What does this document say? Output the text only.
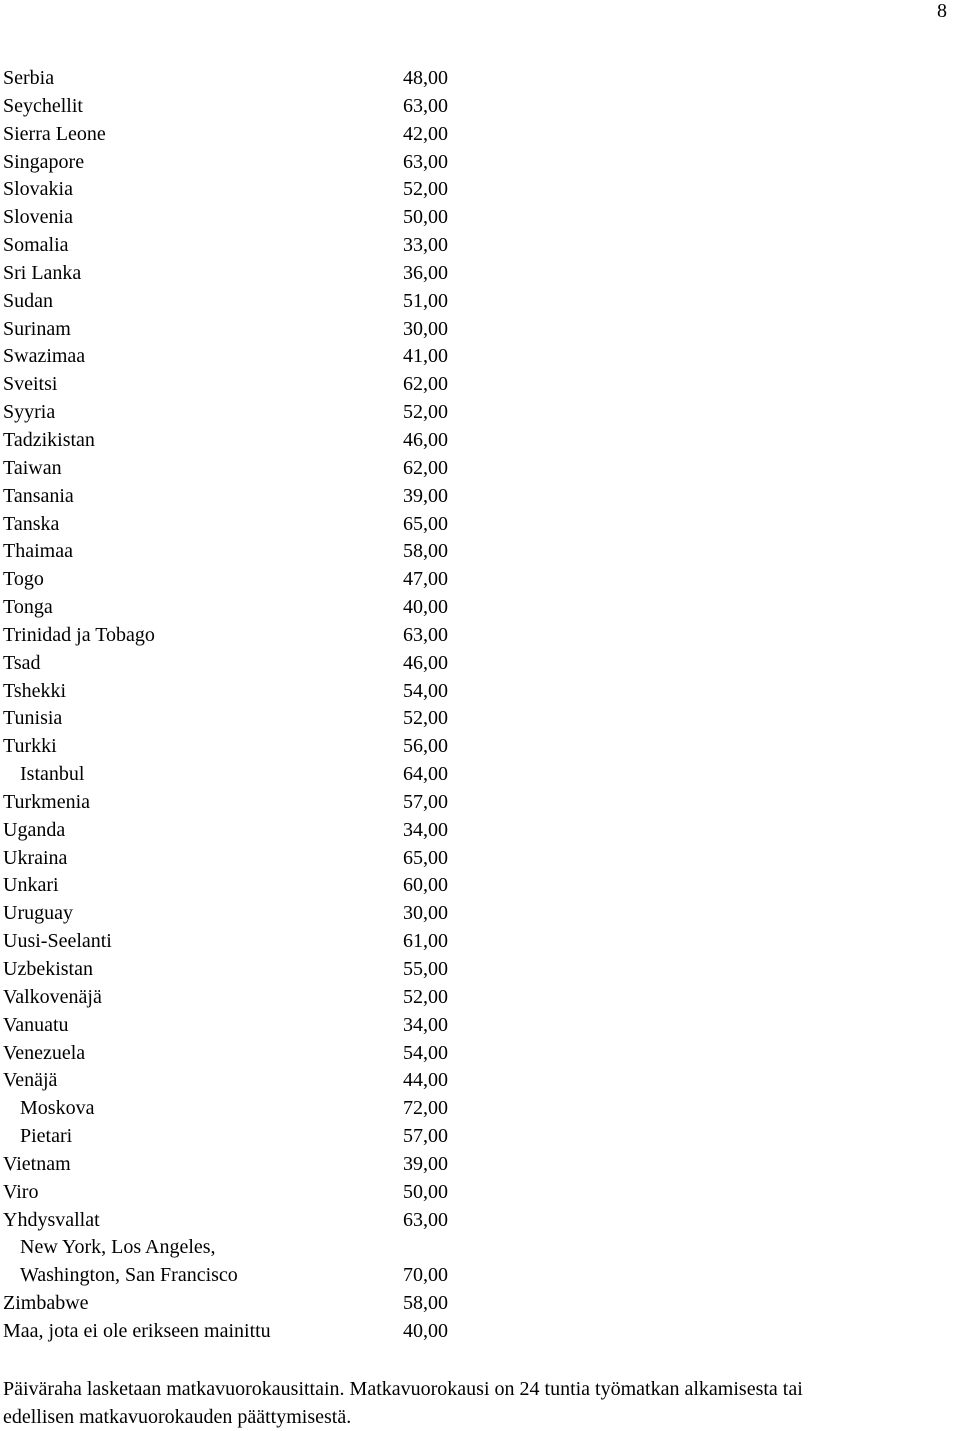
8
Serbia	48,00
Seychellit	63,00
Sierra Leone	42,00
Singapore	63,00
Slovakia	52,00
Slovenia	50,00
Somalia	33,00
Sri Lanka	36,00
Sudan	51,00
Surinam	30,00
Swazimaa	41,00
Sveitsi	62,00
Syyria	52,00
Tadzikistan	46,00
Taiwan	62,00
Tansania	39,00
Tanska	65,00
Thaimaa	58,00
Togo	47,00
Tonga	40,00
Trinidad ja Tobago	63,00
Tsad	46,00
Tshekki	54,00
Tunisia	52,00
Turkki	56,00
Istanbul	64,00
Turkmenia	57,00
Uganda	34,00
Ukraina	65,00
Unkari	60,00
Uruguay	30,00
Uusi-Seelanti	61,00
Uzbekistan	55,00
Valkovenäjä	52,00
Vanuatu	34,00
Venezuela	54,00
Venäjä	44,00
Moskova	72,00
Pietari	57,00
Vietnam	39,00
Viro	50,00
Yhdysvallat	63,00
New York, Los Angeles,
Washington, San Francisco	70,00
Zimbabwe	58,00
Maa, jota ei ole erikseen mainittu	40,00
Päiväraha lasketaan matkavuorokausittain. Matkavuorokausi on 24 tuntia työmatkan alkamisesta tai
edellisen matkavuorokauden päättymisestä.
